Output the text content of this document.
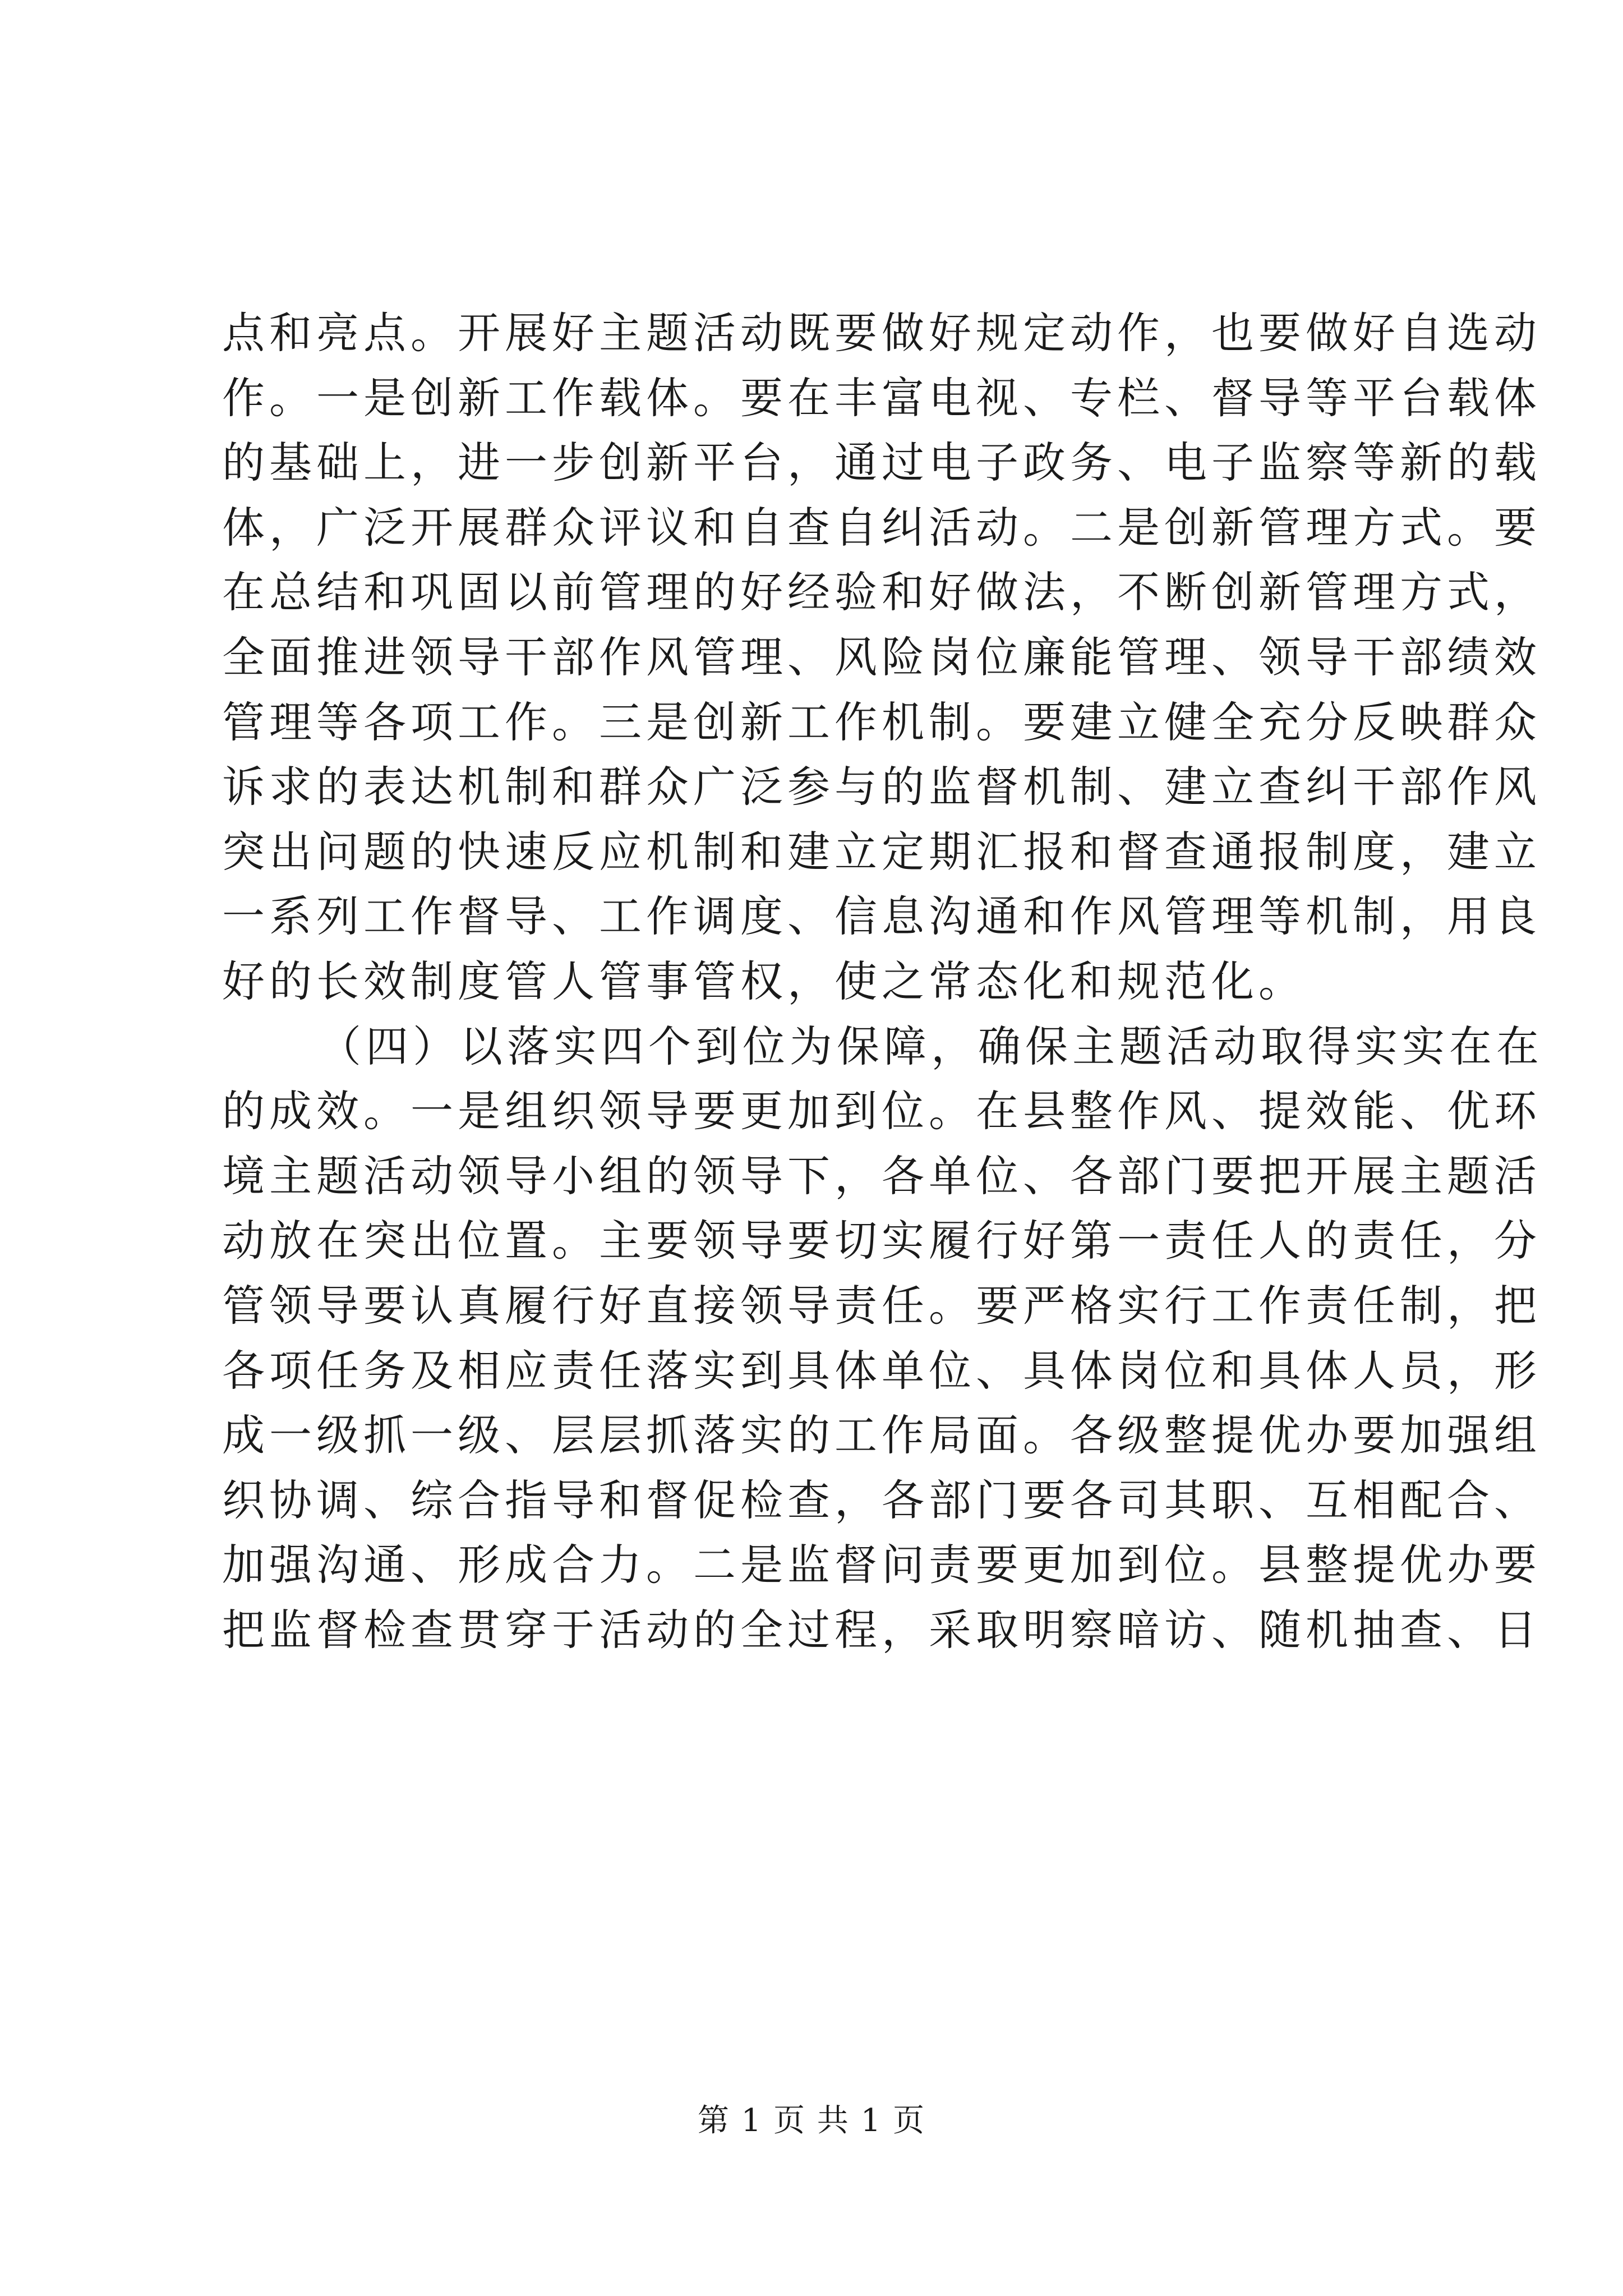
点和亮点。开展好主题活动既要做好规定动作，也要做好自选动
作。一是创新工作载体。要在丰富电视、专栏、督导等平台载体
的基础上，进一步创新平台，通过电子政务、电子监察等新的载
体，广泛开展群众评议和自查自纠活动。二是创新管理方式。要
在总结和巩固以前管理的好经验和好做法，不断创新管理方式，
全面推进领导干部作风管理、风险岗位廉能管理、领导干部绩效
管理等各项工作。三是创新工作机制。要建立健全充分反映群众
诉求的表达机制和群众广泛参与的监督机制、建立查纠干部作风
突出问题的快速反应机制和建立定期汇报和督查通报制度，建立
一系列工作督导、工作调度、信息沟通和作风管理等机制，用良
好的长效制度管人管事管权，使之常态化和规范化。
（四）以落实四个到位为保障，确保主题活动取得实实在在
的成效。一是组织领导要更加到位。在县整作风、提效能、优环
境主题活动领导小组的领导下，各单位、各部门要把开展主题活
动放在突出位置。主要领导要切实履行好第一责任人的责任，分
管领导要认真履行好直接领导责任。要严格实行工作责任制，把
各项任务及相应责任落实到具体单位、具体岗位和具体人员，形
成一级抓一级、层层抓落实的工作局面。各级整提优办要加强组
织协调、综合指导和督促检查，各部门要各司其职、互相配合、
加强沟通、形成合力。二是监督问责要更加到位。县整提优办要
把监督检查贯穿于活动的全过程，采取明察暗访、随机抽查、日
第 1 页 共 1 页
